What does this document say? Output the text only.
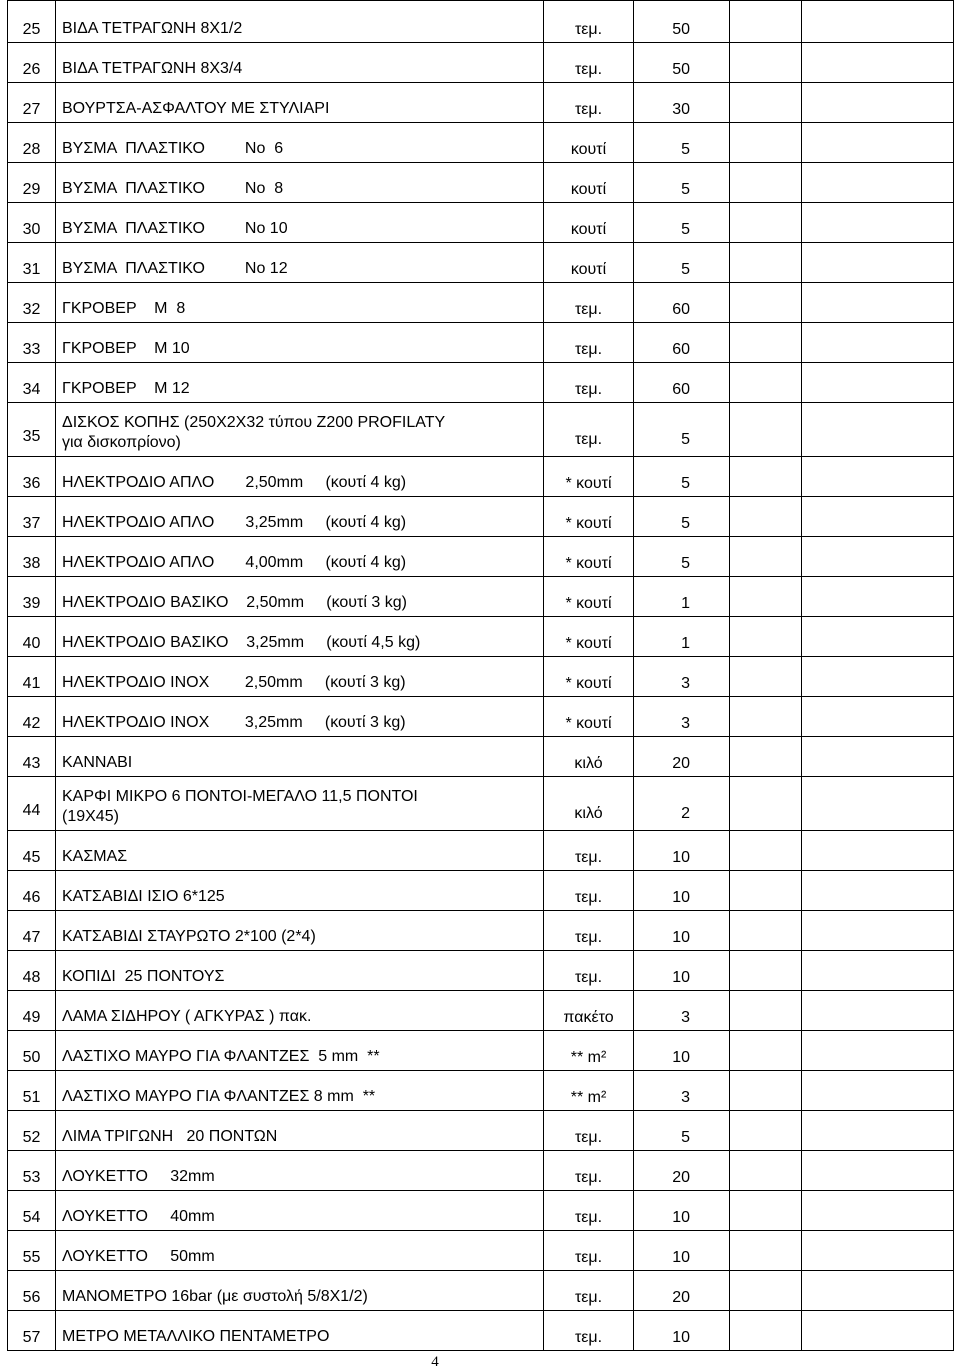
25	ΒΙΔΑ ΤΕΤΡΑΓΩΝΗ 8Χ1/2	τεμ.	50		
26	ΒΙΔΑ ΤΕΤΡΑΓΩΝΗ 8Χ3/4	τεμ.	50		
27	ΒΟΥΡΤΣΑ-ΑΣΦΑΛΤΟΥ ΜΕ ΣΤΥΛΙΑΡΙ	τεμ.	30		
28	ΒΥΣΜΑ  ΠΛΑΣΤΙΚΟ         Νο  6	κουτί	5		
29	ΒΥΣΜΑ  ΠΛΑΣΤΙΚΟ         Νο  8	κουτί	5		
30	ΒΥΣΜΑ  ΠΛΑΣΤΙΚΟ         Νο 10	κουτί	5		
31	ΒΥΣΜΑ  ΠΛΑΣΤΙΚΟ         Νο 12	κουτί	5		
32	ΓΚΡΟΒΕΡ    Μ  8	τεμ.	60		
33	ΓΚΡΟΒΕΡ    Μ 10	τεμ.	60		
34	ΓΚΡΟΒΕΡ    Μ 12	τεμ.	60		
35	ΔΙΣΚΟΣ ΚΟΠΗΣ (250Χ2Χ32 τύπου Ζ200 PROFILATY
για δισκοπρίονο)	τεμ.	5		
36	ΗΛΕΚΤΡΟΔΙΟ ΑΠΛΟ       2,50mm     (κουτί 4 kg)	* κουτί	5		
37	ΗΛΕΚΤΡΟΔΙΟ ΑΠΛΟ       3,25mm     (κουτί 4 kg)	* κουτί	5		
38	ΗΛΕΚΤΡΟΔΙΟ ΑΠΛΟ       4,00mm     (κουτί 4 kg)	* κουτί	5		
39	ΗΛΕΚΤΡΟΔΙΟ ΒΑΣΙΚΟ    2,50mm     (κουτί 3 kg)	* κουτί	1		
40	ΗΛΕΚΤΡΟΔΙΟ ΒΑΣΙΚΟ    3,25mm     (κουτί 4,5 kg)	* κουτί	1		
41	ΗΛΕΚΤΡΟΔΙΟ ΙΝΟΧ        2,50mm     (κουτί 3 kg)	* κουτί	3		
42	ΗΛΕΚΤΡΟΔΙΟ ΙΝΟΧ        3,25mm     (κουτί 3 kg)	* κουτί	3		
43	ΚΑΝΝΑΒΙ	κιλό	20		
44	ΚΑΡΦΙ ΜΙΚΡΟ 6 ΠΟΝΤΟΙ-ΜΕΓΑΛΟ 11,5 ΠΟΝΤΟΙ
(19Χ45)	κιλό	2		
45	ΚΑΣΜΑΣ	τεμ.	10		
46	ΚΑΤΣΑΒΙΔΙ ΙΣΙΟ 6*125	τεμ.	10		
47	ΚΑΤΣΑΒΙΔΙ ΣΤΑΥΡΩΤΟ 2*100 (2*4)	τεμ.	10		
48	ΚΟΠΙΔΙ  25 ΠΟΝΤΟΥΣ	τεμ.	10		
49	ΛΑΜΑ ΣΙΔΗΡΟΥ ( ΑΓΚΥΡΑΣ ) πακ.	πακέτο	3		
50	ΛΑΣΤΙΧΟ ΜΑΥΡΟ ΓΙΑ ΦΛΑΝΤΖΕΣ  5 mm  **	** m²	10		
51	ΛΑΣΤΙΧΟ ΜΑΥΡΟ ΓΙΑ ΦΛΑΝΤΖΕΣ 8 mm  **	** m²	3		
52	ΛΙΜΑ ΤΡΙΓΩΝΗ   20 ΠΟΝΤΩΝ	τεμ.	5		
53	ΛΟΥΚΕΤΤΟ     32mm	τεμ.	20		
54	ΛΟΥΚΕΤΤΟ     40mm	τεμ.	10		
55	ΛΟΥΚΕΤΤΟ     50mm	τεμ.	10		
56	ΜΑΝΟΜΕΤΡΟ 16bar (με συστολή 5/8Χ1/2)	τεμ.	20		
57	ΜΕΤΡΟ ΜΕΤΑΛΛΙΚΟ ΠΕΝΤΑΜΕΤΡΟ	τεμ.	10		
4
